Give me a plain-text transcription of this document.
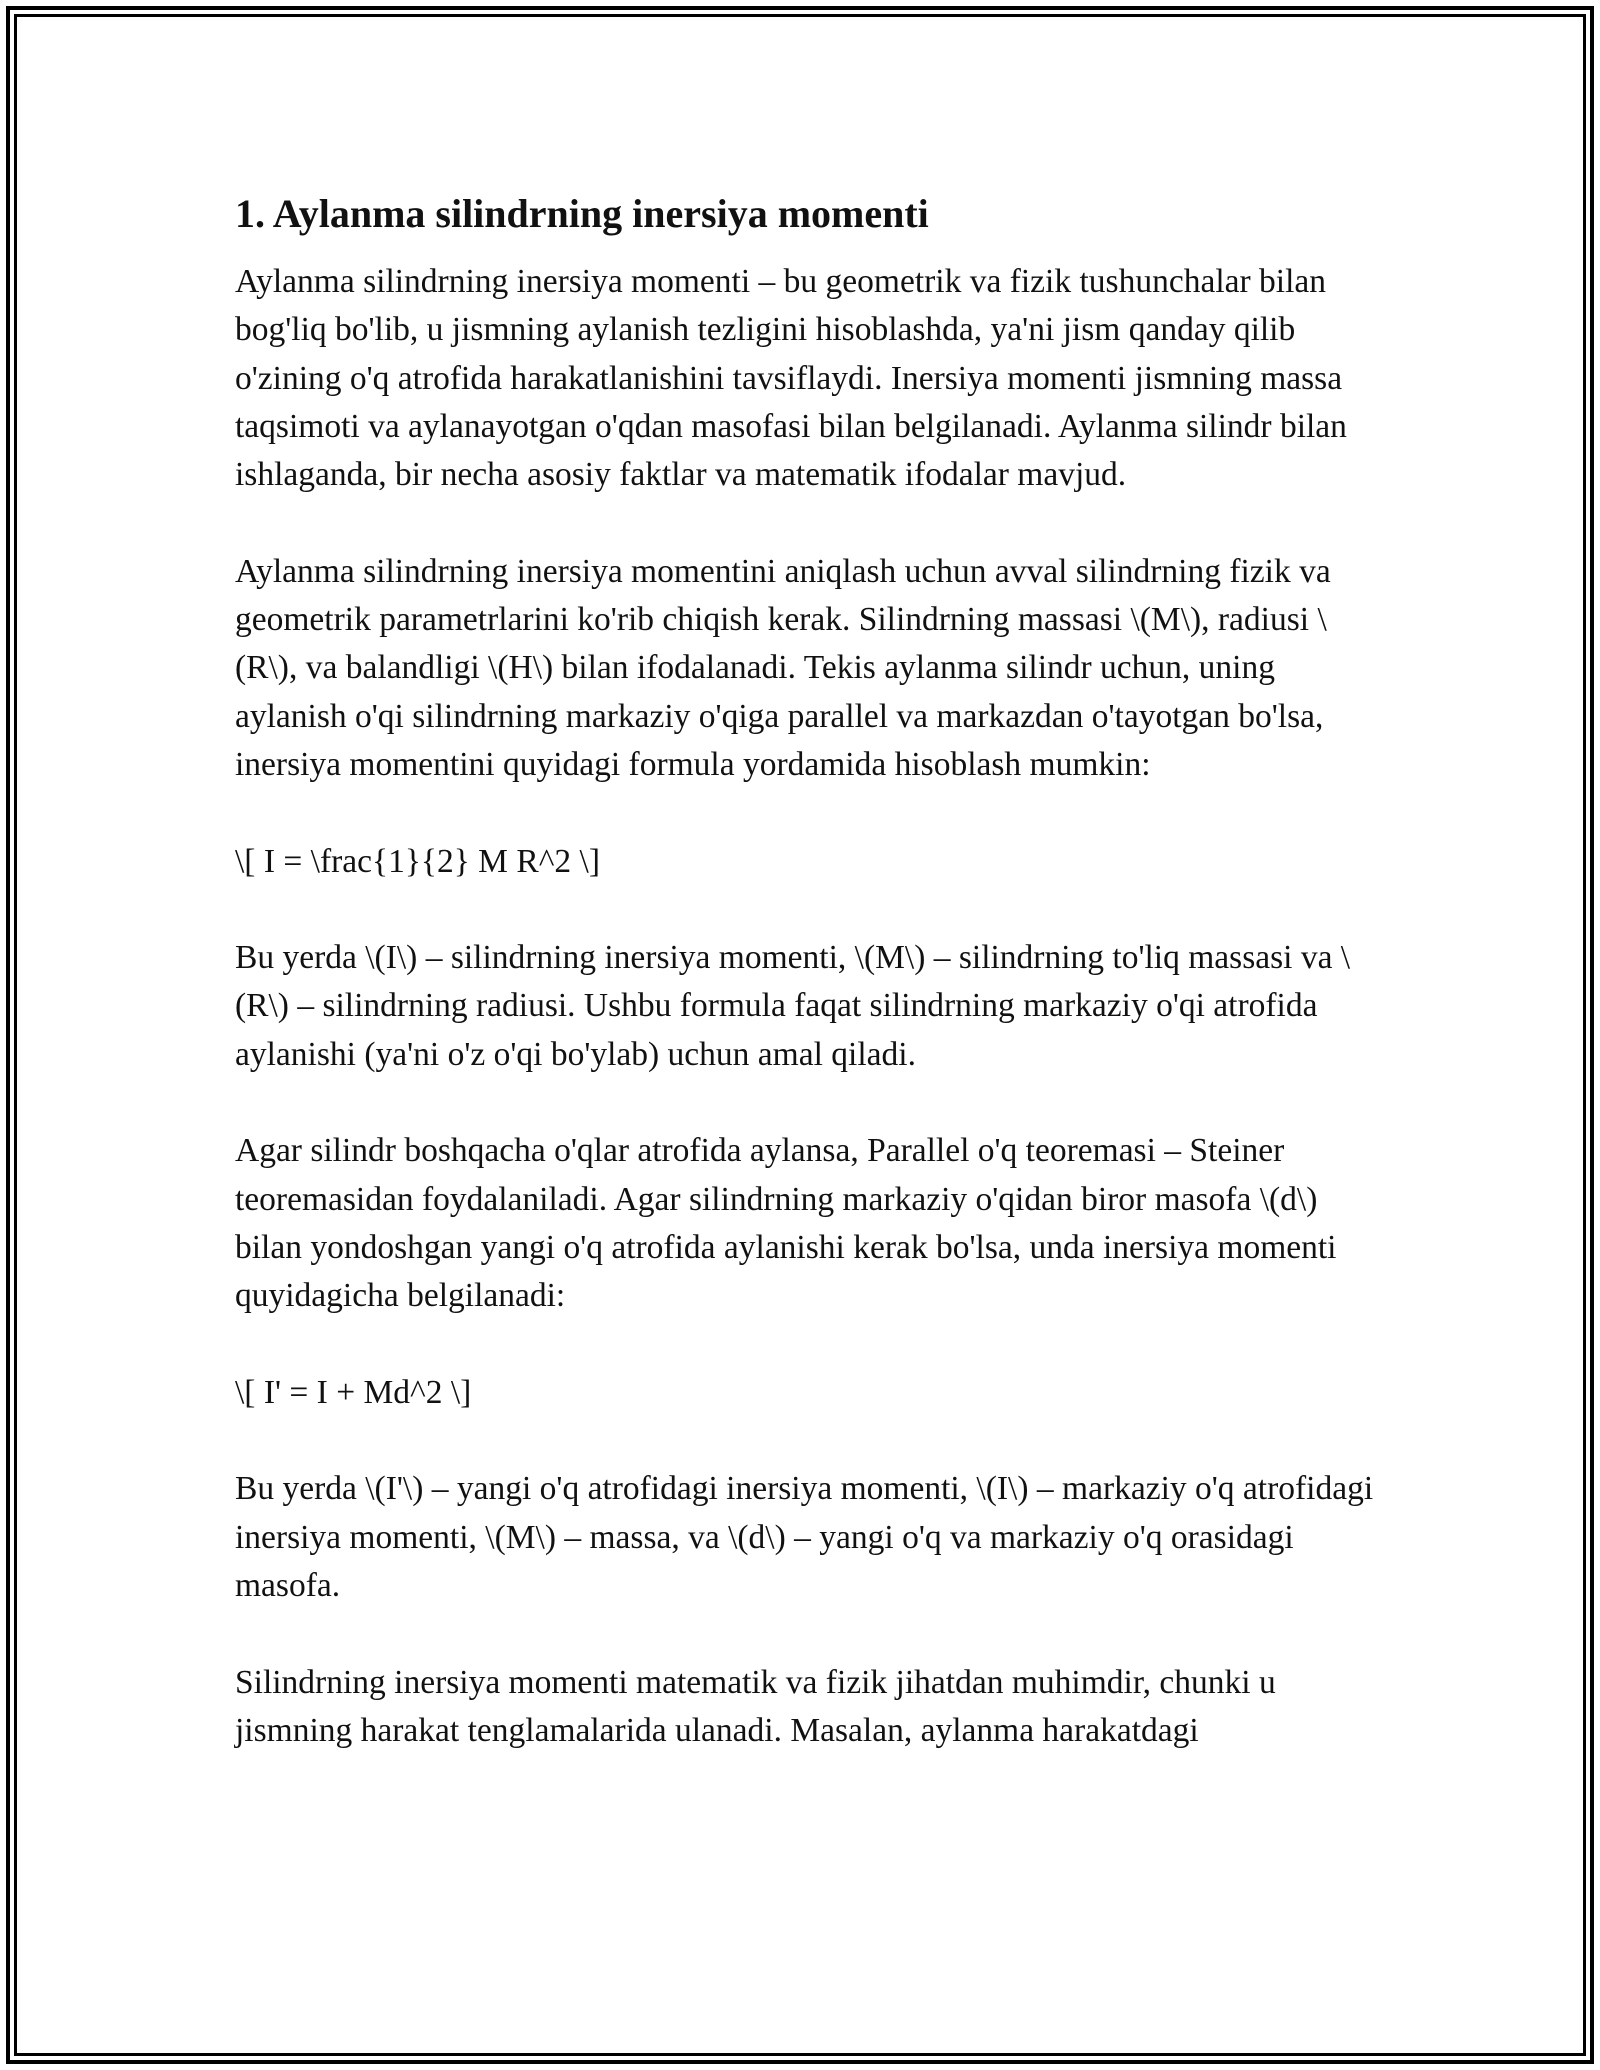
1. Aylanma silindrning inersiya momenti

Aylanma silindrning inersiya momenti – bu geometrik va fizik tushunchalar bilan bog'liq bo'lib, u jismning aylanish tezligini hisoblashda, ya'ni jism qanday qilib o'zining o'q atrofida harakatlanishini tavsiflaydi. Inersiya momenti jismning massa taqsimoti va aylanayotgan o'qdan masofasi bilan belgilanadi. Aylanma silindr bilan ishlaganda, bir necha asosiy faktlar va matematik ifodalar mavjud.

Aylanma silindrning inersiya momentini aniqlash uchun avval silindrning fizik va geometrik parametrlarini ko'rib chiqish kerak. Silindrning massasi \(M\), radiusi \(R\), va balandligi \(H\) bilan ifodalanadi. Tekis aylanma silindr uchun, uning aylanish o'qi silindrning markaziy o'qiga parallel va markazdan o'tayotgan bo'lsa, inersiya momentini quyidagi formula yordamida hisoblash mumkin:

\[ I = \frac{1}{2} M R^2 \]

Bu yerda \(I\) – silindrning inersiya momenti, \(M\) – silindrning to'liq massasi va \(R\) – silindrning radiusi. Ushbu formula faqat silindrning markaziy o'qi atrofida aylanishi (ya'ni o'z o'qi bo'ylab) uchun amal qiladi.

Agar silindr boshqacha o'qlar atrofida aylansa, Parallel o'q teoremasi – Steiner teoremasidan foydalaniladi. Agar silindrning markaziy o'qidan biror masofa \(d\) bilan yondoshgan yangi o'q atrofida aylanishi kerak bo'lsa, unda inersiya momenti quyidagicha belgilanadi:

\[ I' = I + Md^2 \]

Bu yerda \(I'\) – yangi o'q atrofidagi inersiya momenti, \(I\) – markaziy o'q atrofidagi inersiya momenti, \(M\) – massa, va \(d\) – yangi o'q va markaziy o'q orasidagi masofa.

Silindrning inersiya momenti matematik va fizik jihatdan muhimdir, chunki u jismning harakat tenglamalarida ulanadi. Masalan, aylanma harakatdagi
